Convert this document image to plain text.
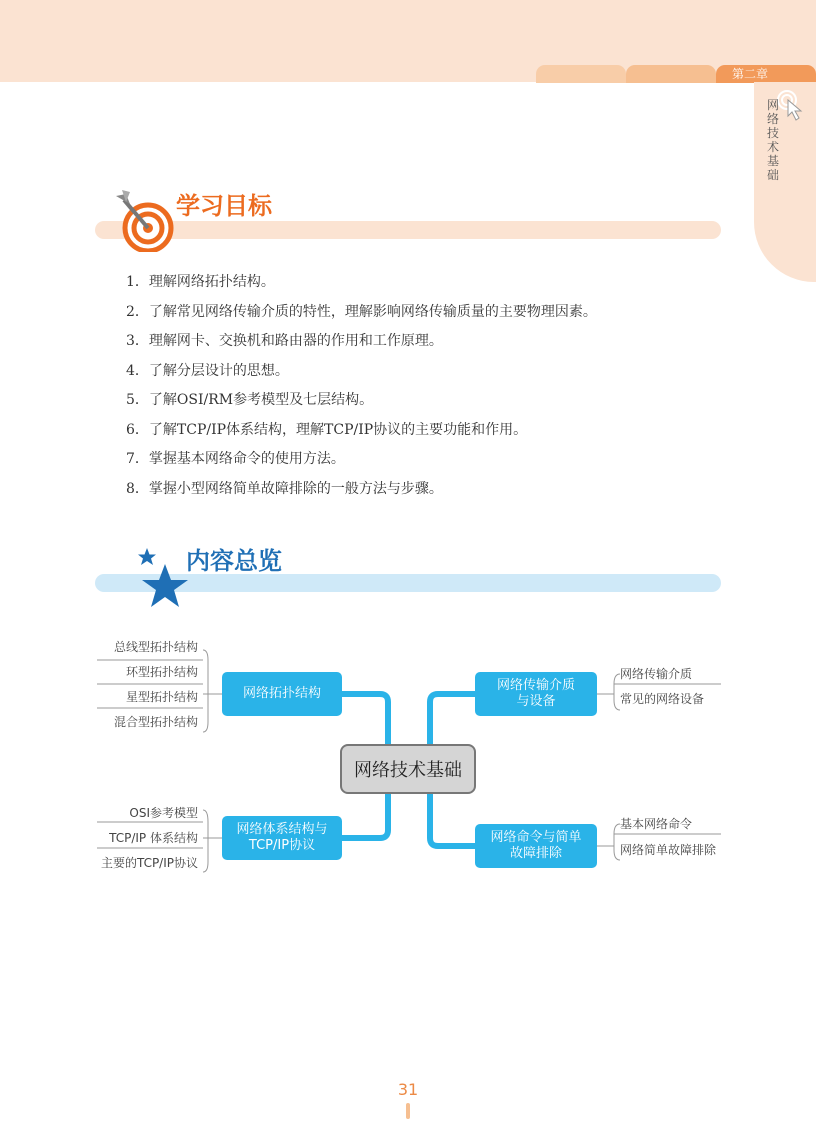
第二章
网络技术基础
学习目标
1．理解网络拓扑结构。
2．了解常见网络传输介质的特性，理解影响网络传输质量的主要物理因素。
3．理解网卡、交换机和路由器的作用和工作原理。
4．了解分层设计的思想。
5．了解OSI/RM参考模型及七层结构。
6．了解TCP/IP体系结构，理解TCP/IP协议的主要功能和作用。
7．掌握基本网络命令的使用方法。
8．掌握小型网络简单故障排除的一般方法与步骤。
内容总览
网络技术基础
网络拓扑结构
网络体系结构与
TCP/IP协议
网络传输介质
与设备
网络命令与简单
故障排除
总线型拓扑结构
环型拓扑结构
星型拓扑结构
混合型拓扑结构
OSI参考模型
TCP/IP 体系结构
主要的TCP/IP协议
网络传输介质
常见的网络设备
基本网络命令
网络简单故障排除
31
